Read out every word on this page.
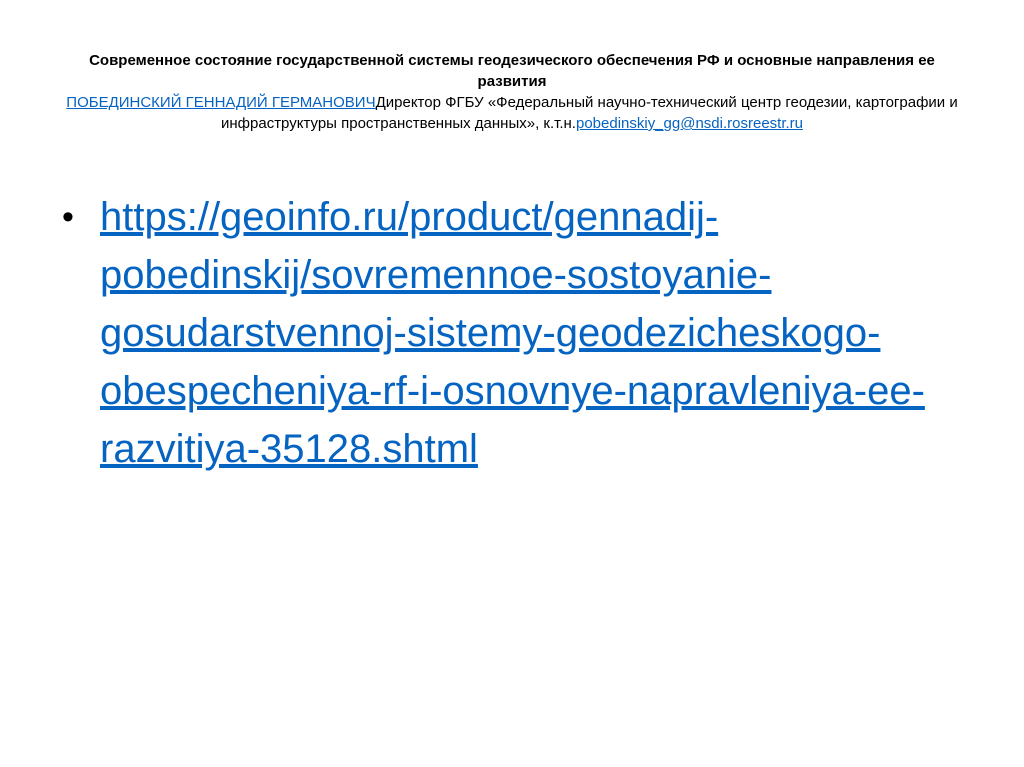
Современное состояние государственной системы геодезического обеспечения РФ и основные направления ее развития

ПОБЕДИНСКИЙ ГЕННАДИЙ ГЕРМАНОВИЧДиректор ФГБУ «Федеральный научно-технический центр геодезии, картографии и инфраструктуры пространственных данных», к.т.н.pobedinskiy_gg@nsdi.rosreestr.ru

• https://geoinfo.ru/product/gennadij-
pobedinskij/sovremennoe-sostoyanie-
gosudarstvennoj-sistemy-geodezicheskogo-
obespecheniya-rf-i-osnovnye-napravleniya-ee-
razvitiya-35128.shtml
